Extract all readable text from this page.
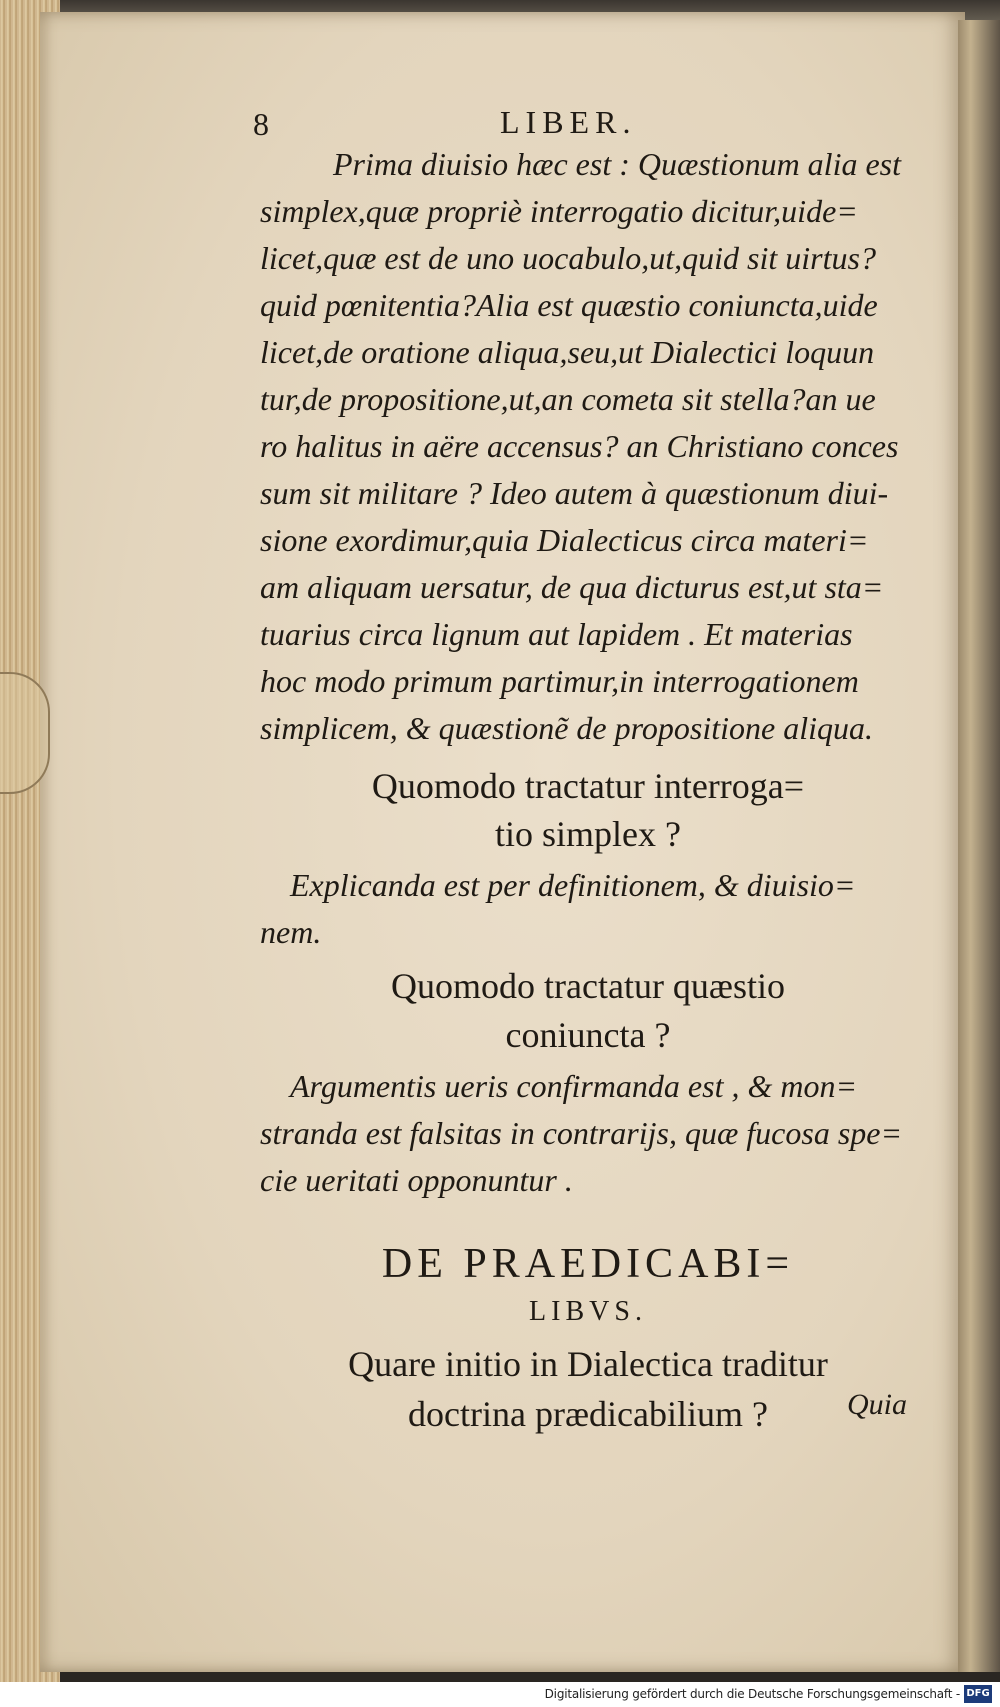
8	LIBER.

Prima diuisio hæc est : Quæstionum alia est

simplex,quæ propriè interrogatio dicitur,uide=

licet,quæ est de uno uocabulo,ut,quid sit uirtus?

quid pœnitentia?Alia est quæstio coniuncta,uide

licet,de oratione aliqua,seu,ut Dialectici loquun

tur,de propositione,ut,an cometa sit stella?an ue

ro halitus in aëre accensus? an Christiano conces

sum sit militare ? Ideo autem à quæstionum diui-

sione exordimur,quia Dialecticus circa materi=

am aliquam uersatur, de qua dicturus est,ut sta=

tuarius circa lignum aut lapidem . Et materias

hoc modo primum partimur,in interrogationem

simplicem, & quæstionẽ de propositione aliqua.

Quomodo tractatur interroga=

tio simplex ?

Explicanda est per definitionem, & diuisio=

nem.

Quomodo tractatur quæstio

coniuncta ?

Argumentis ueris confirmanda est , & mon=

stranda est falsitas in contrarijs, quæ fucosa spe=

cie ueritati opponuntur .

DE PRAEDICABI=

LIBVS.

Quare initio in Dialectica traditur

doctrina prædicabilium ?	Quia

Digitalisierung gefördert durch die Deutsche Forschungsgemeinschaft - DFG
